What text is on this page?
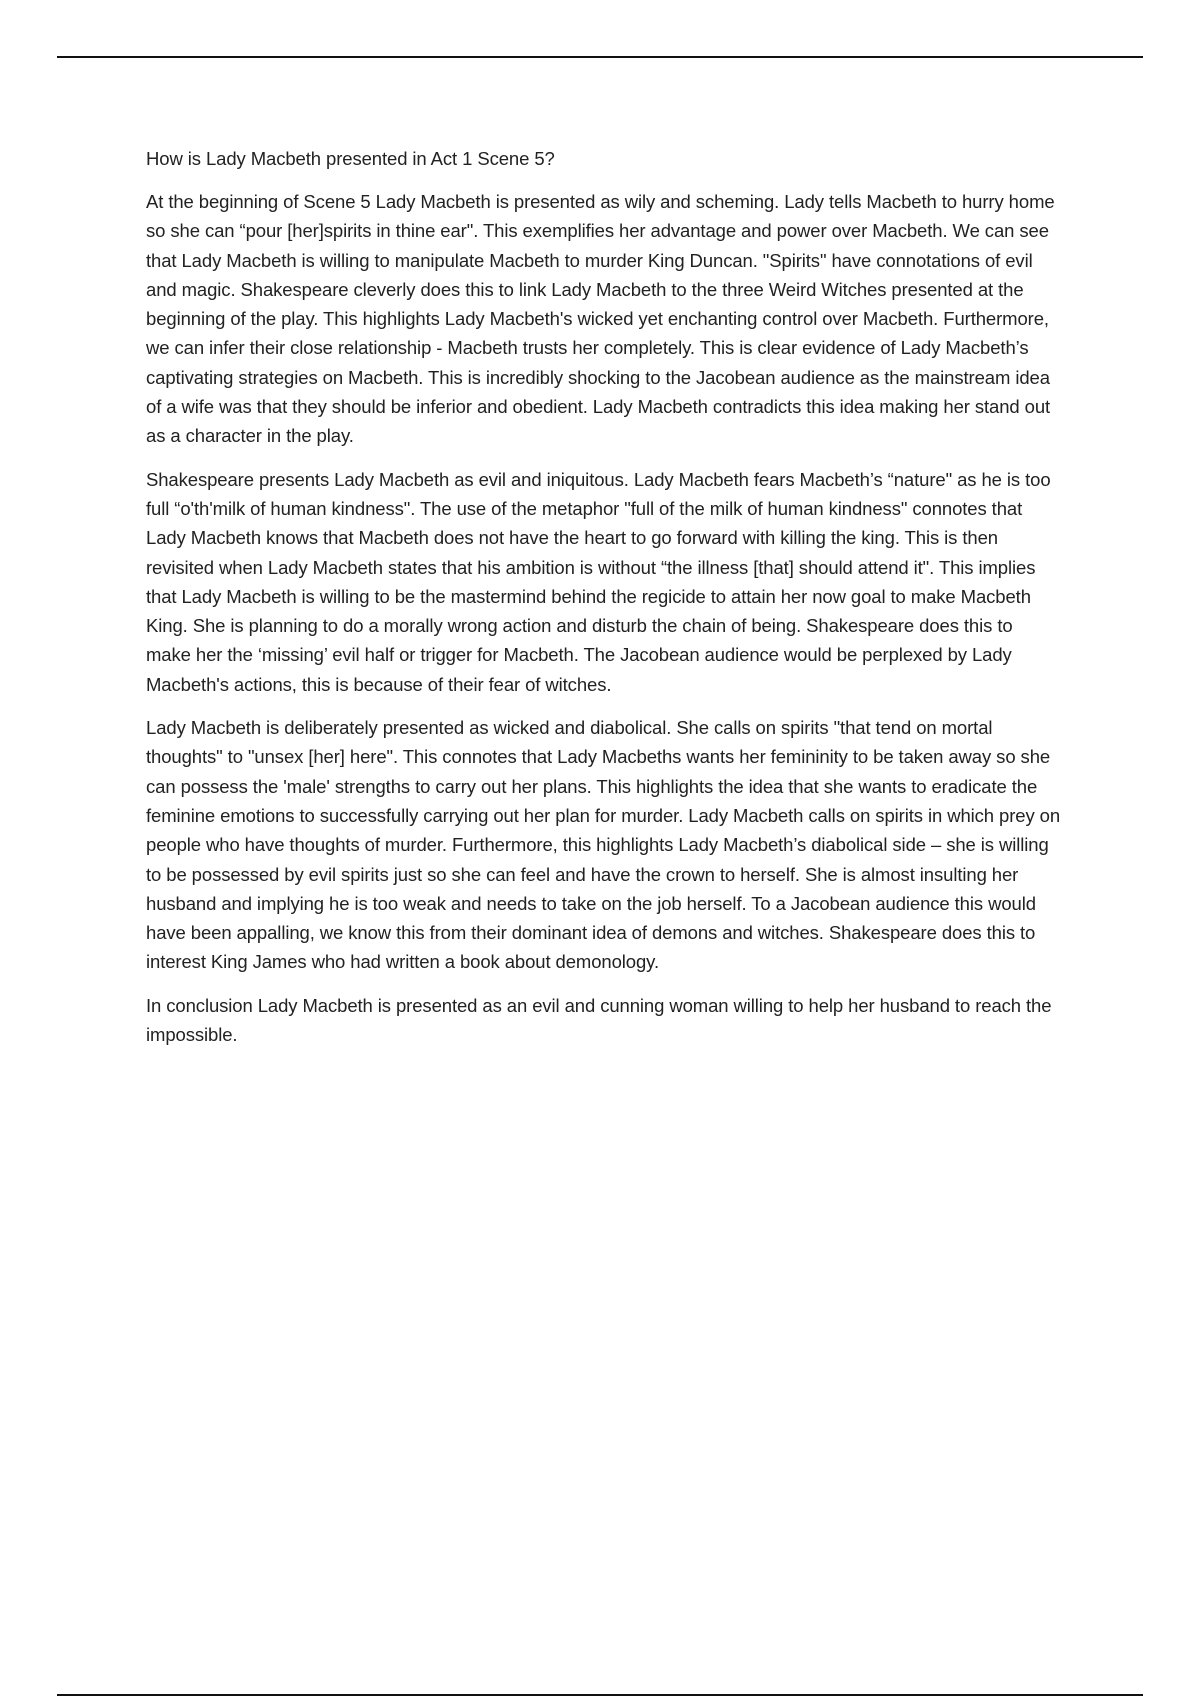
How is Lady Macbeth presented in Act 1 Scene 5?

At the beginning of Scene 5 Lady Macbeth is presented as wily and scheming. Lady tells Macbeth to hurry home so she can “pour [her]spirits in thine ear". This exemplifies her advantage and power over Macbeth. We can see that Lady Macbeth is willing to manipulate Macbeth to murder King Duncan. "Spirits" have connotations of evil and magic. Shakespeare cleverly does this to link Lady Macbeth to the three Weird Witches presented at the beginning of the play. This highlights Lady Macbeth's wicked yet enchanting control over Macbeth. Furthermore, we can infer their close relationship - Macbeth trusts her completely. This is clear evidence of Lady Macbeth’s captivating strategies on Macbeth. This is incredibly shocking to the Jacobean audience as the mainstream idea of a wife was that they should be inferior and obedient. Lady Macbeth contradicts this idea making her stand out as a character in the play.

Shakespeare presents Lady Macbeth as evil and iniquitous. Lady Macbeth fears Macbeth’s “nature" as he is too full “o'th'milk of human kindness". The use of the metaphor "full of the milk of human kindness" connotes that Lady Macbeth knows that Macbeth does not have the heart to go forward with killing the king. This is then revisited when Lady Macbeth states that his ambition is without “the illness [that] should attend it". This implies that Lady Macbeth is willing to be the mastermind behind the regicide to attain her now goal to make Macbeth King. She is planning to do a morally wrong action and disturb the chain of being. Shakespeare does this to make her the ‘missing’ evil half or trigger for Macbeth. The Jacobean audience would be perplexed by Lady Macbeth's actions, this is because of their fear of witches.

Lady Macbeth is deliberately presented as wicked and diabolical. She calls on spirits "that tend on mortal thoughts" to "unsex [her] here". This connotes that Lady Macbeths wants her femininity to be taken away so she can possess the 'male' strengths to carry out her plans. This highlights the idea that she wants to eradicate the feminine emotions to successfully carrying out her plan for murder. Lady Macbeth calls on spirits in which prey on people who have thoughts of murder. Furthermore, this highlights Lady Macbeth’s diabolical side – she is willing to be possessed by evil spirits just so she can feel and have the crown to herself. She is almost insulting her husband and implying he is too weak and needs to take on the job herself. To a Jacobean audience this would have been appalling, we know this from their dominant idea of demons and witches. Shakespeare does this to interest King James who had written a book about demonology.

In conclusion Lady Macbeth is presented as an evil and cunning woman willing to help her husband to reach the impossible.
